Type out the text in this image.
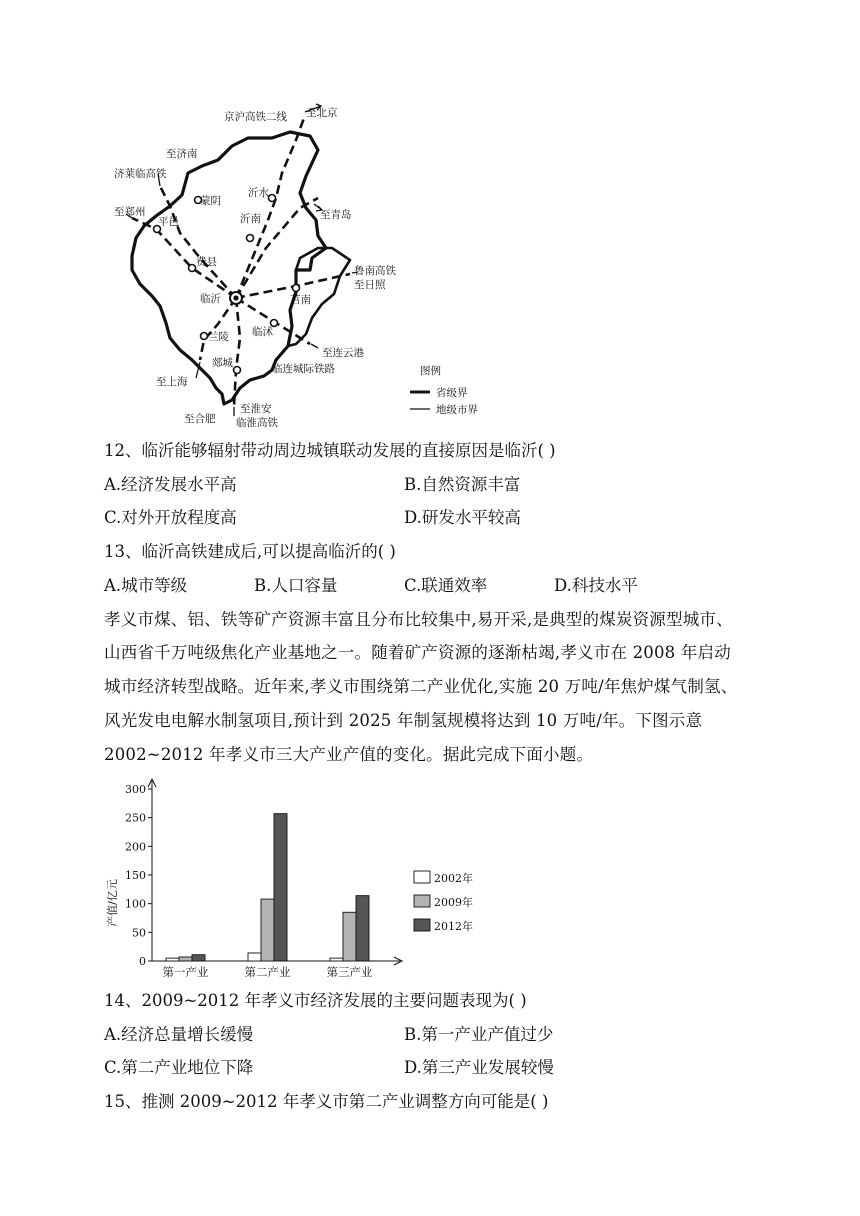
京沪高铁二线 至北京
至济南
济莱临高铁
至郑州
平邑
蒙阴
沂水
沂南	至青岛
费县
鲁南高铁
至日照
临沂	莒南
兰陵 临沭
至连云港
郯城	临连城际铁路
至上海
至合肥
至淮安
临淮高铁
图例
省级界
地级市界
12、临沂能够辐射带动周边城镇联动发展的直接原因是临沂( )
A.经济发展水平高	B.自然资源丰富
C.对外开放程度高	D.研发水平较高
13、临沂高铁建成后,可以提高临沂的( )
A.城市等级	B.人口容量	C.联通效率	D.科技水平
孝义市煤、铝、铁等矿产资源丰富且分布比较集中,易开采,是典型的煤炭资源型城市、
山西省千万吨级焦化产业基地之一。随着矿产资源的逐渐枯竭,孝义市在 2008 年启动
城市经济转型战略。近年来,孝义市围绕第二产业优化,实施 20 万吨/年焦炉煤气制氢、
风光发电电解水制氢项目,预计到 2025 年制氢规模将达到 10 万吨/年。下图示意
2002~2012 年孝义市三大产业产值的变化。据此完成下面小题。
产值/亿元
0
50
100
150
200
250
300
第一产业	第二产业	第三产业
2002年
2009年
2012年
14、2009~2012 年孝义市经济发展的主要问题表现为( )
A.经济总量增长缓慢	B.第一产业产值过少
C.第二产业地位下降	D.第三产业发展较慢
15、推测 2009~2012 年孝义市第二产业调整方向可能是( )
